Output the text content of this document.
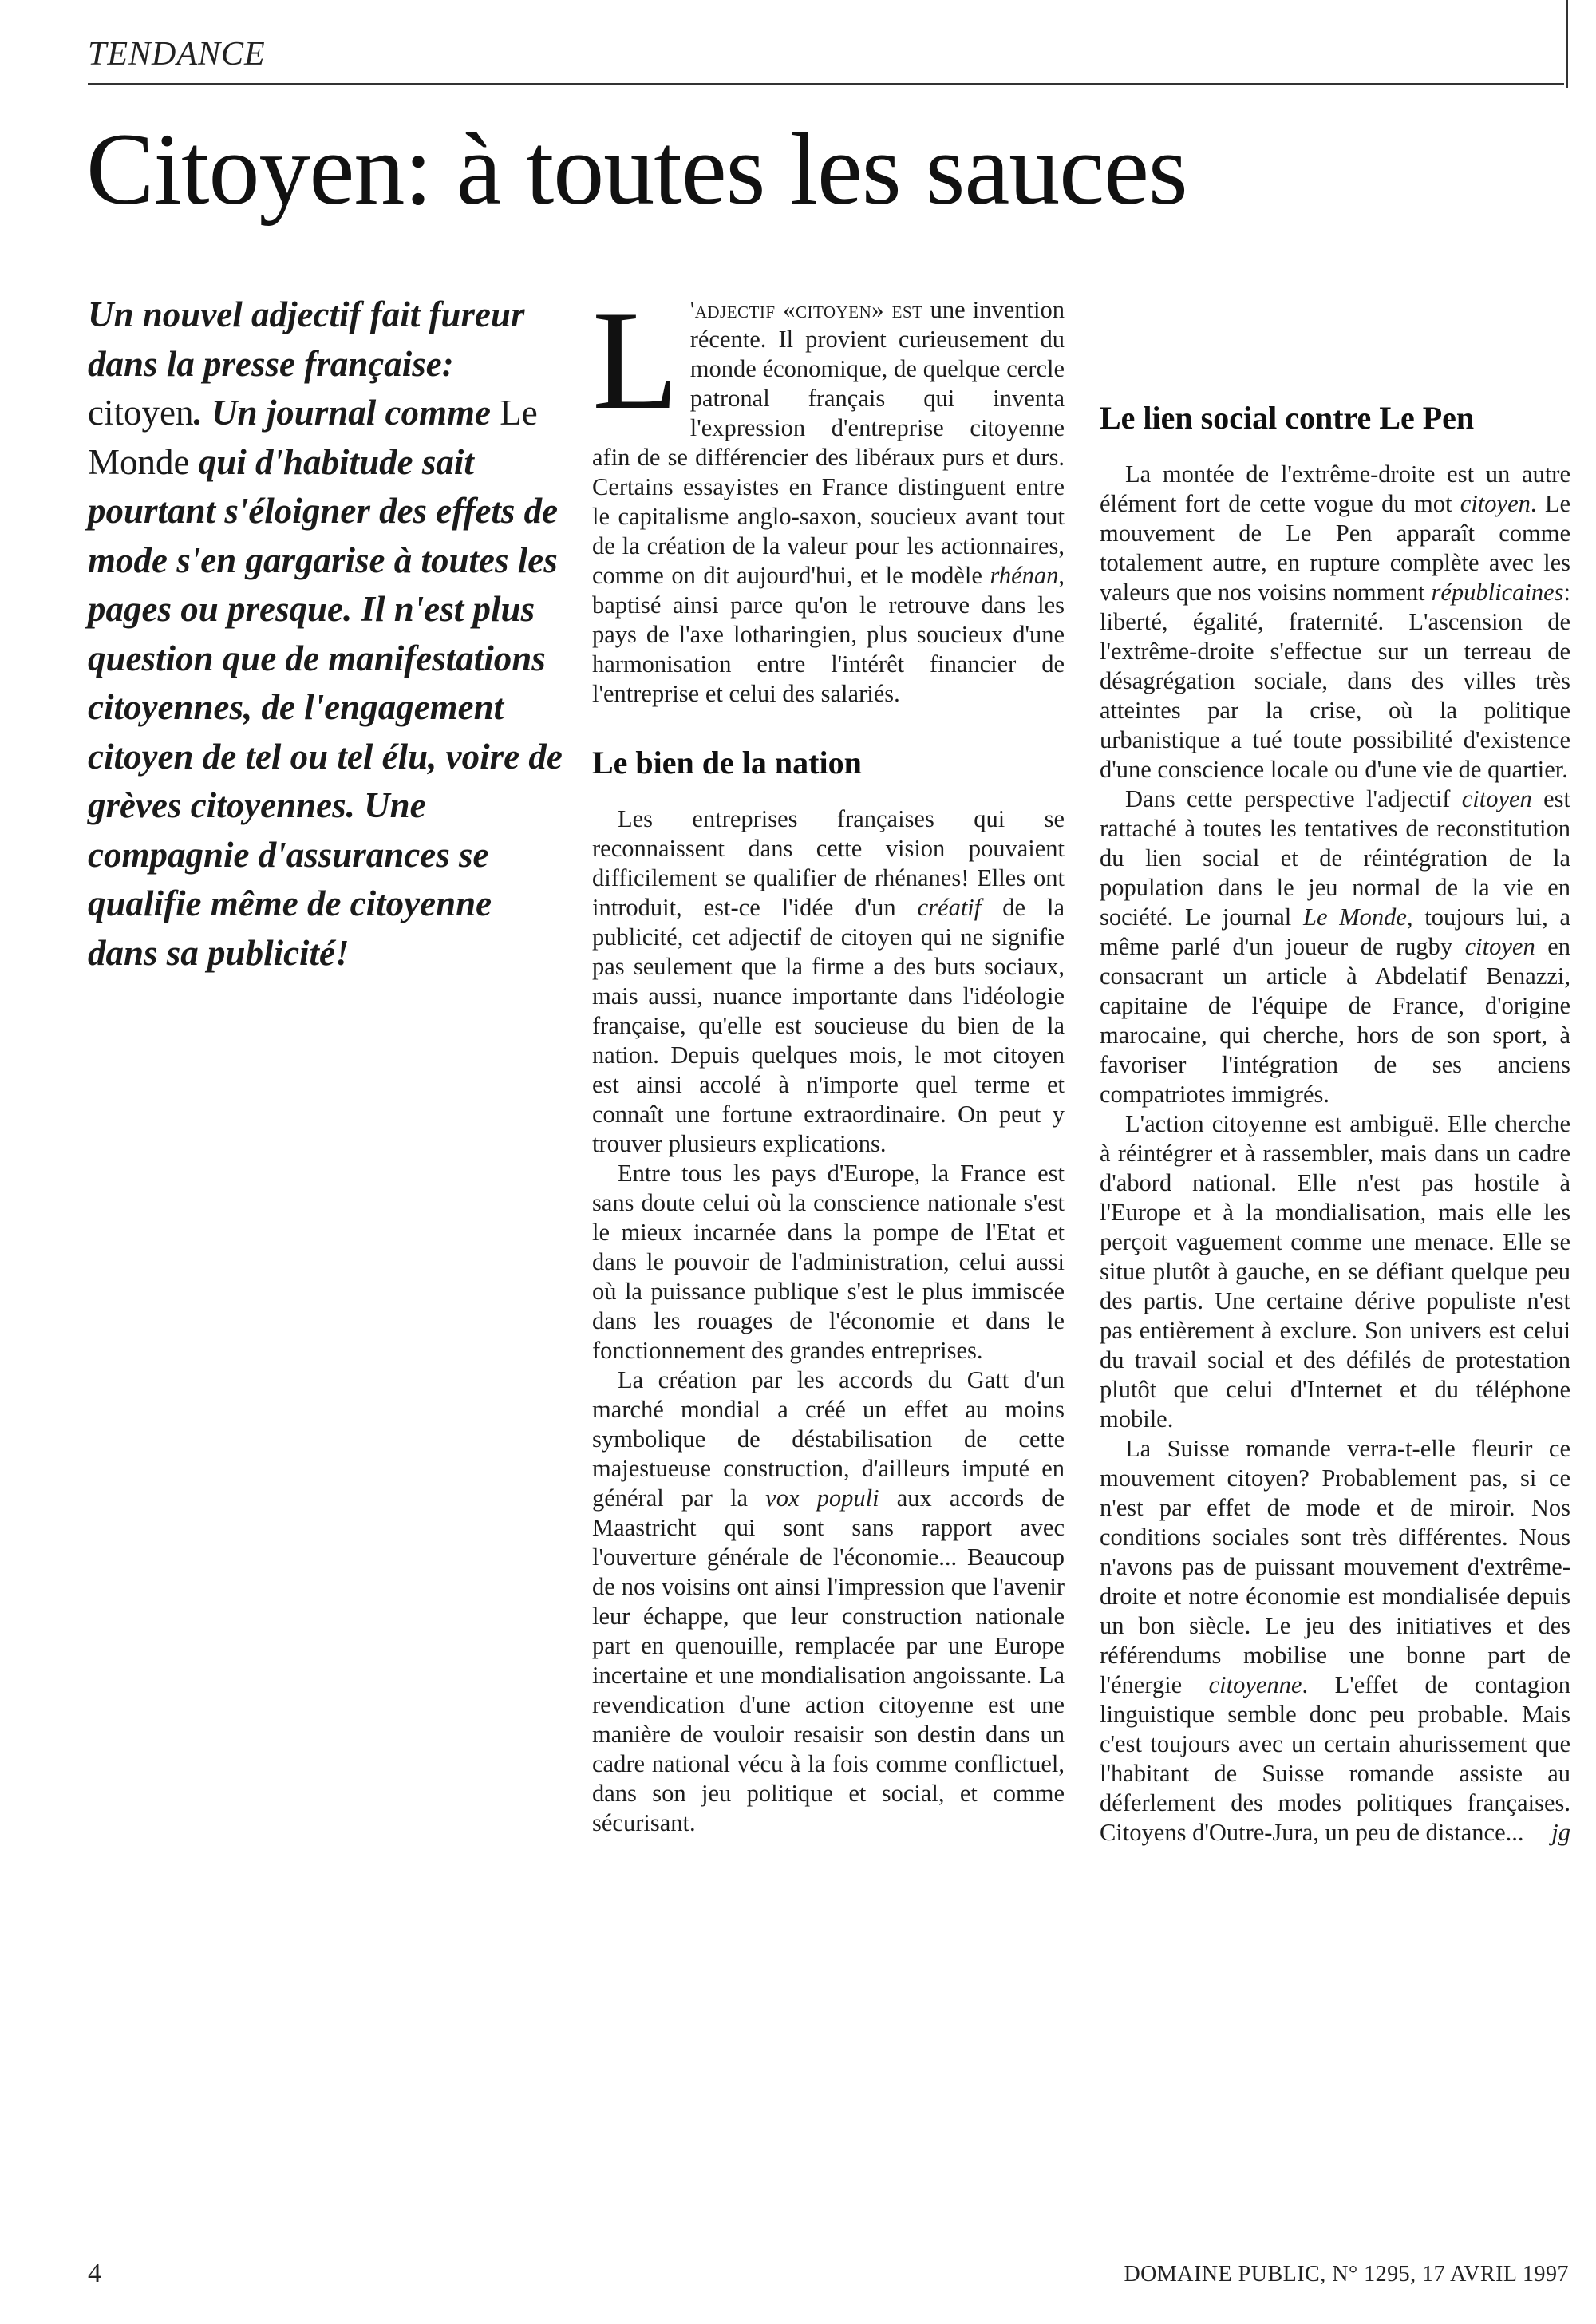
TENDANCE
Citoyen: à toutes les sauces

Un nouvel adjectif fait fureur dans la presse française: citoyen. Un journal comme Le Monde qui d'habitude sait pourtant s'éloigner des effets de mode s'en gargarise à toutes les pages ou presque. Il n'est plus question que de manifestations citoyennes, de l'engagement citoyen de tel ou tel élu, voire de grèves citoyennes. Une compagnie d'assurances se qualifie même de citoyenne dans sa publicité!

L 'adjectif «citoyen» est une invention récente. Il provient curieusement du monde économique, de quelque cercle patronal français qui inventa l'expression d'entreprise citoyenne afin de se différencier des libéraux purs et durs. Certains essayistes en France distinguent entre le capitalisme anglo-saxon, soucieux avant tout de la création de la valeur pour les actionnaires, comme on dit aujourd'hui, et le modèle rhénan, baptisé ainsi parce qu'on le retrouve dans les pays de l'axe lotharingien, plus soucieux d'une harmonisation entre l'intérêt financier de l'entreprise et celui des salariés.

Le bien de la nation

Les entreprises françaises qui se reconnaissent dans cette vision pouvaient difficilement se qualifier de rhénanes! Elles ont introduit, est-ce l'idée d'un créatif de la publicité, cet adjectif de citoyen qui ne signifie pas seulement que la firme a des buts sociaux, mais aussi, nuance importante dans l'idéologie française, qu'elle est soucieuse du bien de la nation. Depuis quelques mois, le mot citoyen est ainsi accolé à n'importe quel terme et connaît une fortune extraordinaire. On peut y trouver plusieurs explications.

Entre tous les pays d'Europe, la France est sans doute celui où la conscience nationale s'est le mieux incarnée dans la pompe de l'Etat et dans le pouvoir de l'administration, celui aussi où la puissance publique s'est le plus immiscée dans les rouages de l'économie et dans le fonctionnement des grandes entreprises.

La création par les accords du Gatt d'un marché mondial a créé un effet au moins symbolique de déstabilisation de cette majestueuse construction, d'ailleurs imputé en général par la vox populi aux accords de Maastricht qui sont sans rapport avec l'ouverture générale de l'économie... Beaucoup de nos voisins ont ainsi l'impression que l'avenir leur échappe, que leur construction nationale part en quenouille, remplacée par une Europe incertaine et une mondialisation angoissante. La revendication d'une action citoyenne est une manière de vouloir resaisir son destin dans un cadre national vécu à la fois comme conflictuel, dans son jeu politique et social, et comme sécurisant.

Le lien social contre Le Pen

La montée de l'extrême-droite est un autre élément fort de cette vogue du mot citoyen. Le mouvement de Le Pen apparaît comme totalement autre, en rupture complète avec les valeurs que nos voisins nomment républicaines: liberté, égalité, fraternité. L'ascension de l'extrême-droite s'effectue sur un terreau de désagrégation sociale, dans des villes très atteintes par la crise, où la politique urbanistique a tué toute possibilité d'existence d'une conscience locale ou d'une vie de quartier.

Dans cette perspective l'adjectif citoyen est rattaché à toutes les tentatives de reconstitution du lien social et de réintégration de la population dans le jeu normal de la vie en société. Le journal Le Monde, toujours lui, a même parlé d'un joueur de rugby citoyen en consacrant un article à Abdelatif Benazzi, capitaine de l'équipe de France, d'origine marocaine, qui cherche, hors de son sport, à favoriser l'intégration de ses anciens compatriotes immigrés.

L'action citoyenne est ambiguë. Elle cherche à réintégrer et à rassembler, mais dans un cadre d'abord national. Elle n'est pas hostile à l'Europe et à la mondialisation, mais elle les perçoit vaguement comme une menace. Elle se situe plutôt à gauche, en se défiant quelque peu des partis. Une certaine dérive populiste n'est pas entièrement à exclure. Son univers est celui du travail social et des défilés de protestation plutôt que celui d'Internet et du téléphone mobile.

La Suisse romande verra-t-elle fleurir ce mouvement citoyen? Probablement pas, si ce n'est par effet de mode et de miroir. Nos conditions sociales sont très différentes. Nous n'avons pas de puissant mouvement d'extrême-droite et notre économie est mondialisée depuis un bon siècle. Le jeu des initiatives et des référendums mobilise une bonne part de l'énergie citoyenne. L'effet de contagion linguistique semble donc peu probable. Mais c'est toujours avec un certain ahurissement que l'habitant de Suisse romande assiste au déferlement des modes politiques françaises. Citoyens d'Outre-Jura, un peu de distance...	jg

4	DOMAINE PUBLIC, N° 1295, 17 AVRIL 1997
